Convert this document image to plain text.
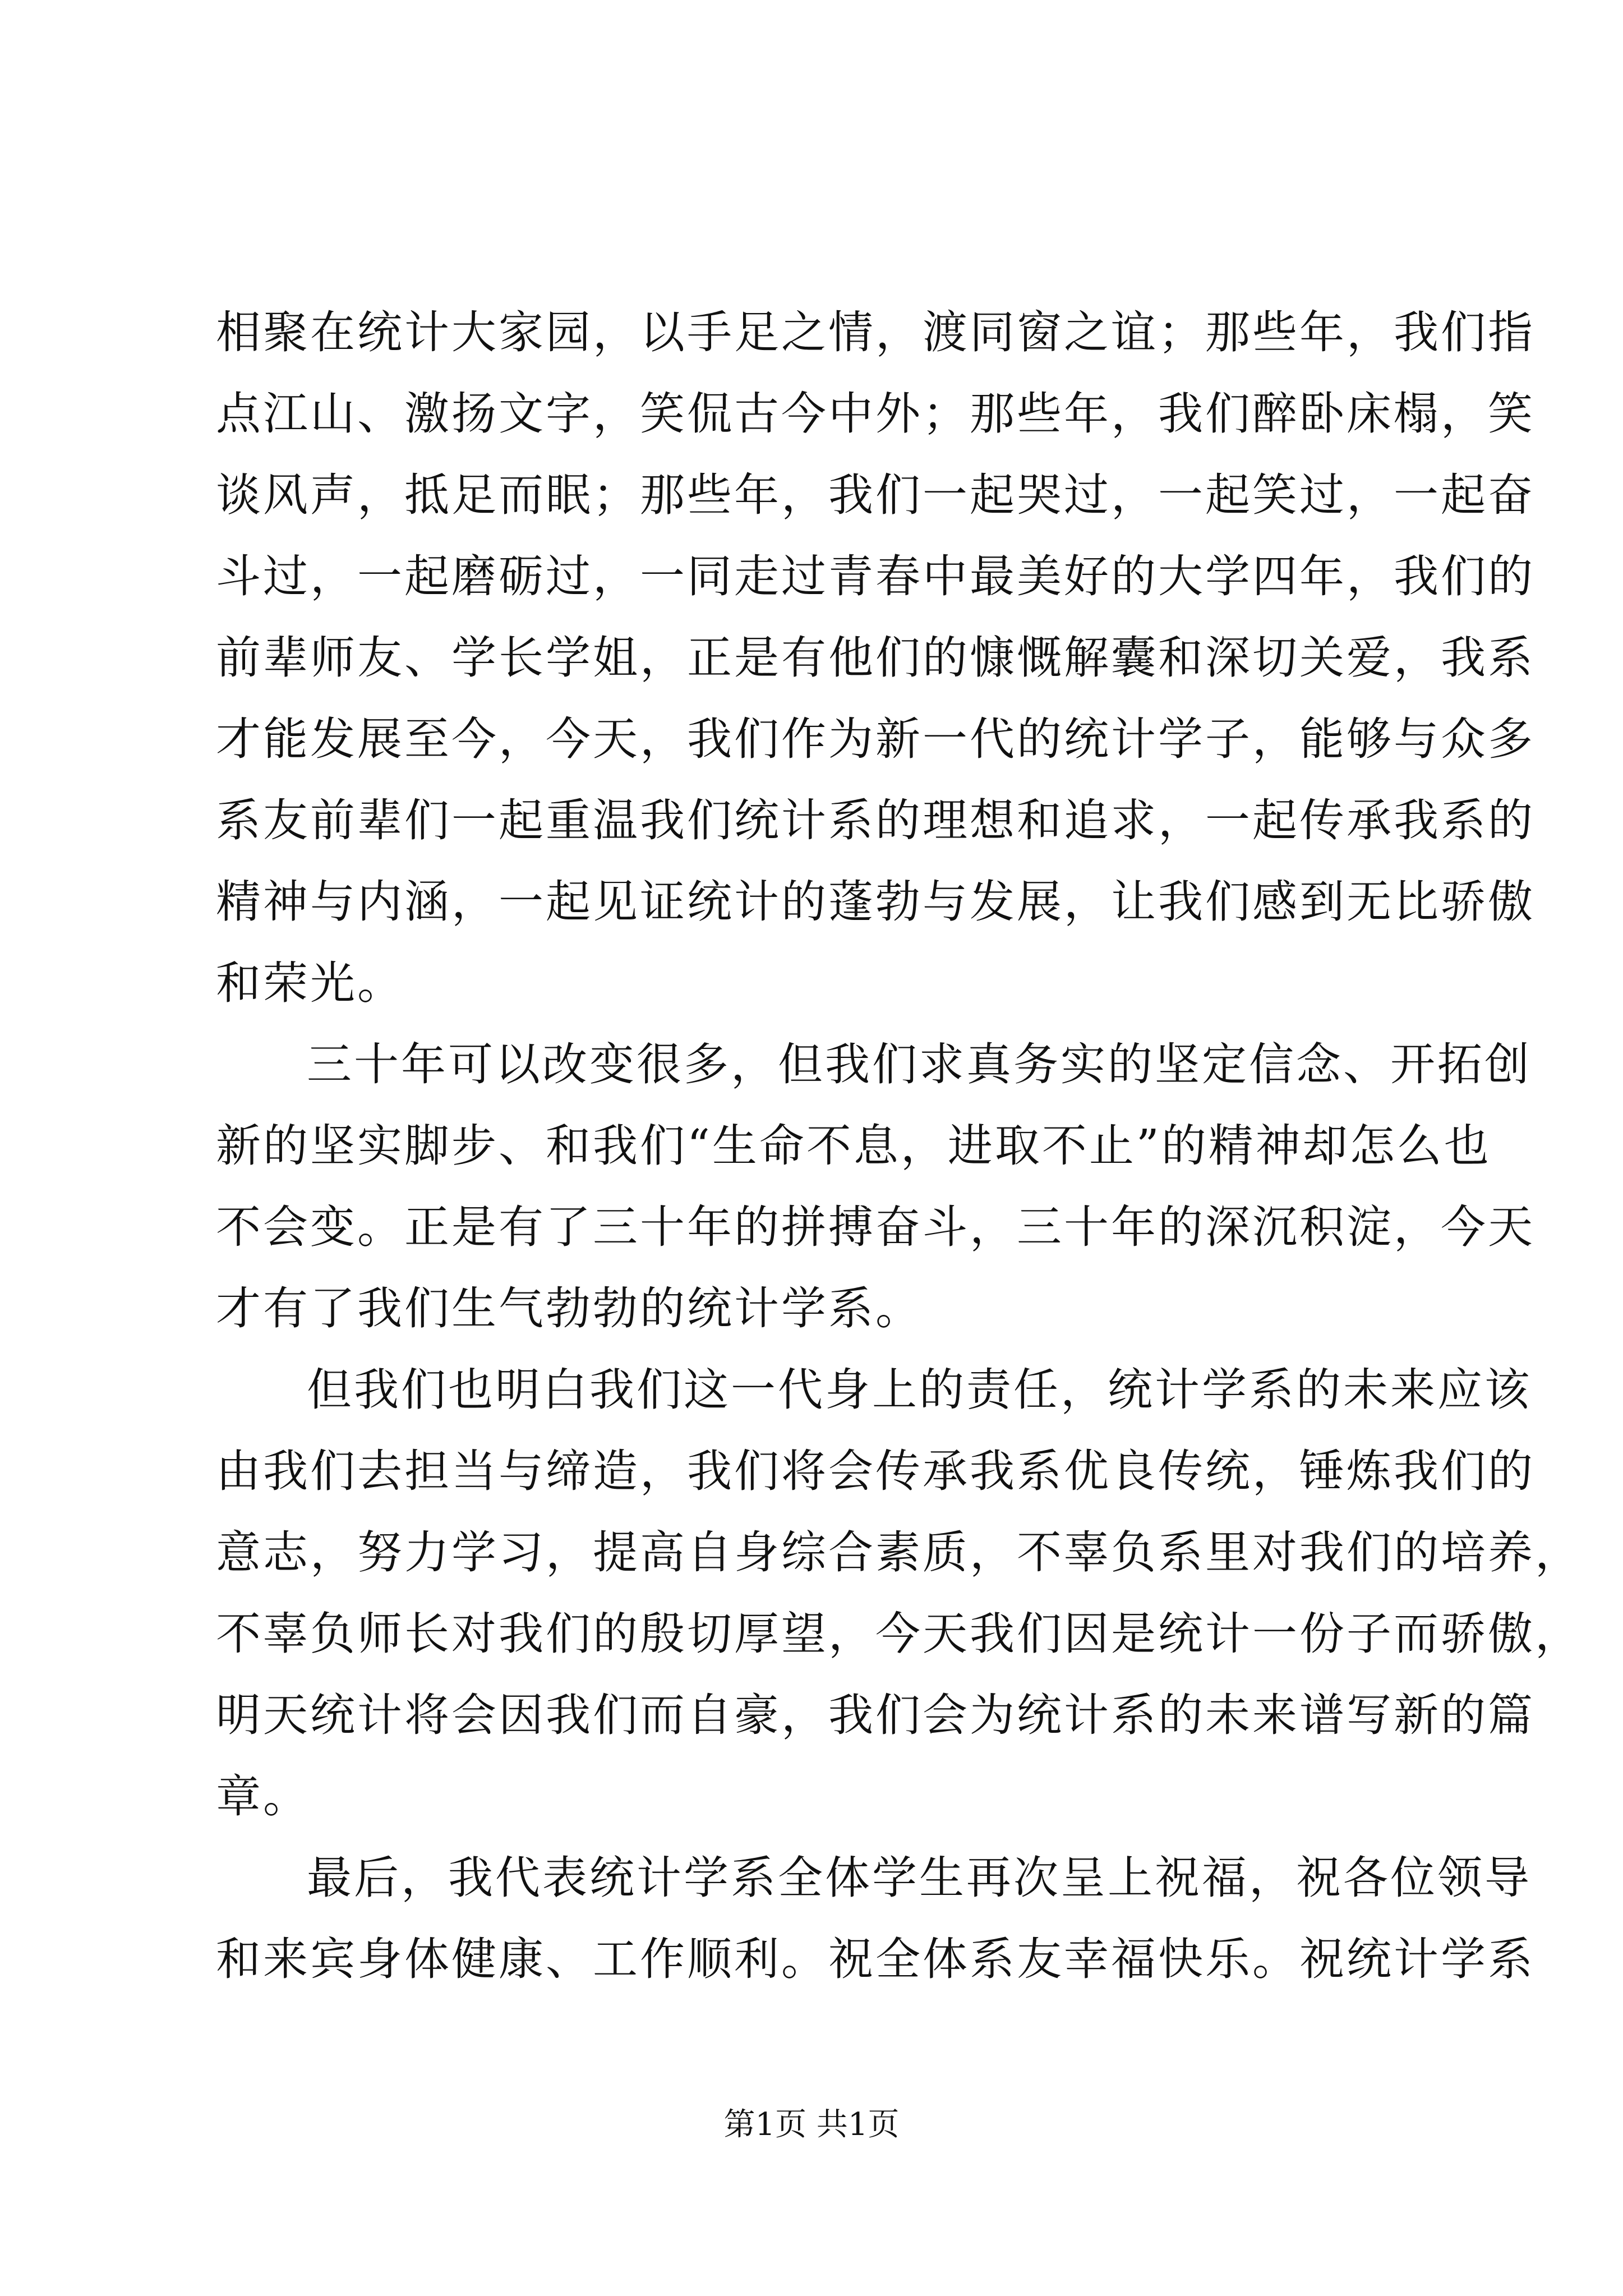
相聚在统计大家园，以手足之情，渡同窗之谊；那些年，我们指
点江山、激扬文字，笑侃古今中外；那些年，我们醉卧床榻，笑
谈风声，抵足而眠；那些年，我们一起哭过，一起笑过，一起奋
斗过，一起磨砺过，一同走过青春中最美好的大学四年，我们的
前辈师友、学长学姐，正是有他们的慷慨解囊和深切关爱，我系
才能发展至今，今天，我们作为新一代的统计学子，能够与众多
系友前辈们一起重温我们统计系的理想和追求，一起传承我系的
精神与内涵，一起见证统计的蓬勃与发展，让我们感到无比骄傲
和荣光。
三十年可以改变很多，但我们求真务实的坚定信念、开拓创
新的坚实脚步、和我们“生命不息，进取不止”的精神却怎么也
不会变。正是有了三十年的拼搏奋斗，三十年的深沉积淀，今天
才有了我们生气勃勃的统计学系。
但我们也明白我们这一代身上的责任，统计学系的未来应该
由我们去担当与缔造，我们将会传承我系优良传统，锤炼我们的
意志，努力学习，提高自身综合素质，不辜负系里对我们的培养，
不辜负师长对我们的殷切厚望，今天我们因是统计一份子而骄傲，
明天统计将会因我们而自豪，我们会为统计系的未来谱写新的篇
章。
最后，我代表统计学系全体学生再次呈上祝福，祝各位领导
和来宾身体健康、工作顺利。祝全体系友幸福快乐。祝统计学系
第1页 共1页
